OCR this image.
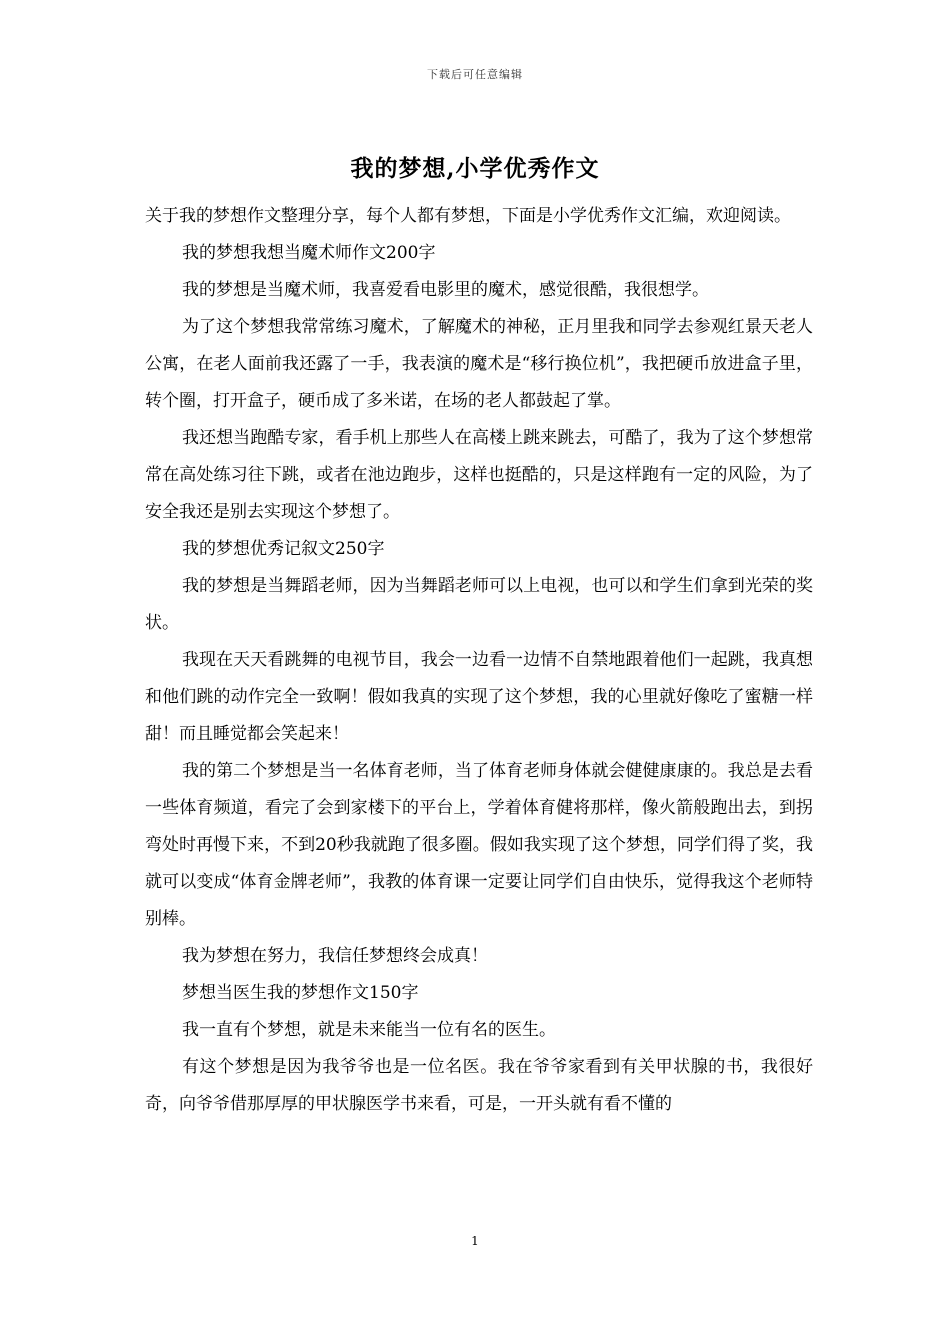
下载后可任意编辑
我的梦想,小学优秀作文

关于我的梦想作文整理分享，每个人都有梦想，下面是小学优秀作文汇编，欢迎阅读。

我的梦想我想当魔术师作文200字

我的梦想是当魔术师，我喜爱看电影里的魔术，感觉很酷，我很想学。

为了这个梦想我常常练习魔术，了解魔术的神秘，正月里我和同学去参观红景天老人公寓，在老人面前我还露了一手，我表演的魔术是“移行换位机”，我把硬币放进盒子里，转个圈，打开盒子，硬币成了多米诺，在场的老人都鼓起了掌。

我还想当跑酷专家，看手机上那些人在高楼上跳来跳去，可酷了，我为了这个梦想常常在高处练习往下跳，或者在池边跑步，这样也挺酷的，只是这样跑有一定的风险，为了安全我还是别去实现这个梦想了。

我的梦想优秀记叙文250字

我的梦想是当舞蹈老师，因为当舞蹈老师可以上电视，也可以和学生们拿到光荣的奖状。

我现在天天看跳舞的电视节目，我会一边看一边情不自禁地跟着他们一起跳，我真想和他们跳的动作完全一致啊！假如我真的实现了这个梦想，我的心里就好像吃了蜜糖一样甜！而且睡觉都会笑起来！

我的第二个梦想是当一名体育老师，当了体育老师身体就会健健康康的。我总是去看一些体育频道，看完了会到家楼下的平台上，学着体育健将那样，像火箭般跑出去，到拐弯处时再慢下来，不到20秒我就跑了很多圈。假如我实现了这个梦想，同学们得了奖，我就可以变成“体育金牌老师”，我教的体育课一定要让同学们自由快乐，觉得我这个老师特别棒。

我为梦想在努力，我信任梦想终会成真！

梦想当医生我的梦想作文150字

我一直有个梦想，就是未来能当一位有名的医生。

有这个梦想是因为我爷爷也是一位名医。我在爷爷家看到有关甲状腺的书，我很好奇，向爷爷借那厚厚的甲状腺医学书来看，可是，一开头就有看不懂的

1
